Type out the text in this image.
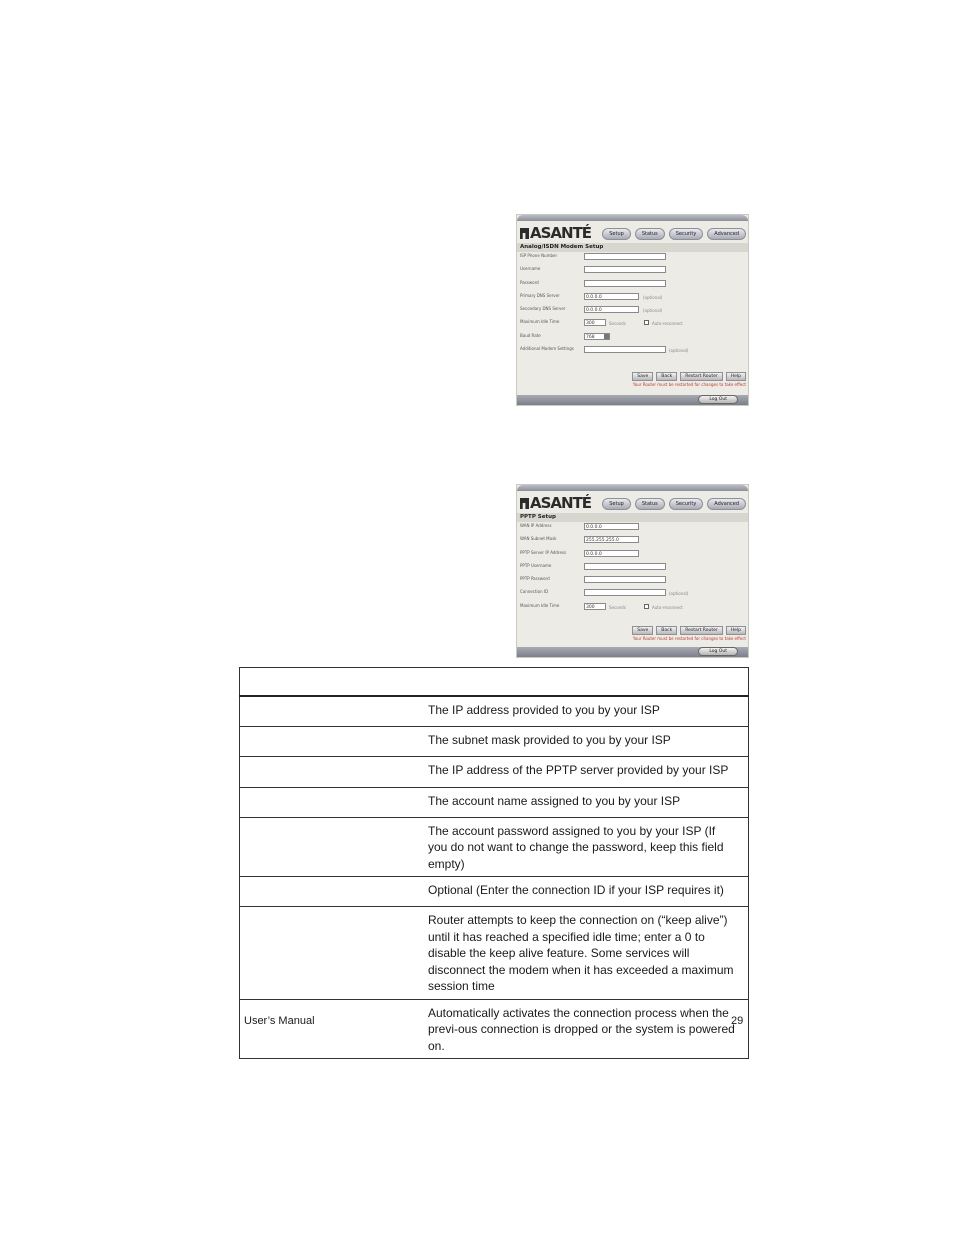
ASANTÉ	Setup	Status	Security	Advanced
Analog/ISDN Modem Setup
ISP Phone Number
Username
Password
Primary DNS Server	0.0.0.0	(optional)
Secondary DNS Server	0.0.0.0	(optional)
Maximum Idle Time	300	Seconds	Auto-reconnect
Baud Rate	768
Additional Modem Settings	(optional)
Save	Back	Restart Router	Help
Your Router must be restarted for changes to take effect
Log Out
ASANTÉ	Setup	Status	Security	Advanced
PPTP Setup
WAN IP Address	0.0.0.0
WAN Subnet Mask	255.255.255.0
PPTP Server IP Address	0.0.0.0
PPTP Username
PPTP Password
Connection ID	(optional)
Maximum Idle Time	300	Seconds	Auto-reconnect
Save	Back	Restart Router	Help
Your Router must be restarted for changes to take effect
Log Out

	The IP address provided to you by your ISP
	The subnet mask provided to you by your ISP
	The IP address of the PPTP server provided by your ISP
	The account name assigned to you by your ISP
	The account password assigned to you by your ISP (If you do not want to change the password, keep this field empty)
	Optional (Enter the connection ID if your ISP requires it)
	Router attempts to keep the connection on (“keep alive”) until it has reached a specified idle time; enter a 0 to disable the keep alive feature. Some services will disconnect the modem when it has exceeded a maximum session time
	Automatically activates the connection process when the previ-ous connection is dropped or the system is powered on.
User’s Manual	29
